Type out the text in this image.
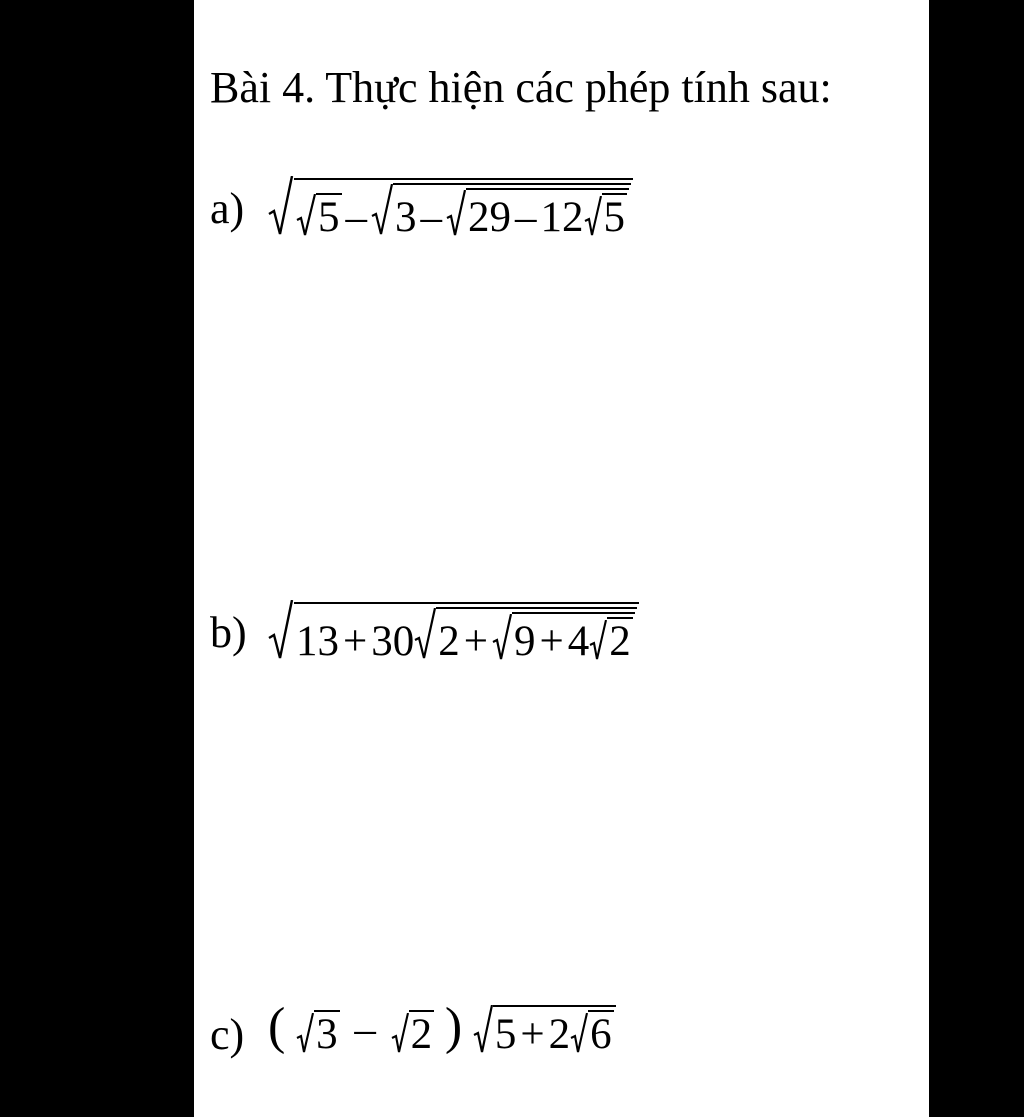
Bài 4. Thực hiện các phép tính sau:
a) 5 – 3 – 29 – 12 5
b) 13 + 30 2 + 9 + 4 2
c) ( 3 – 2 ) 5 + 2 6
